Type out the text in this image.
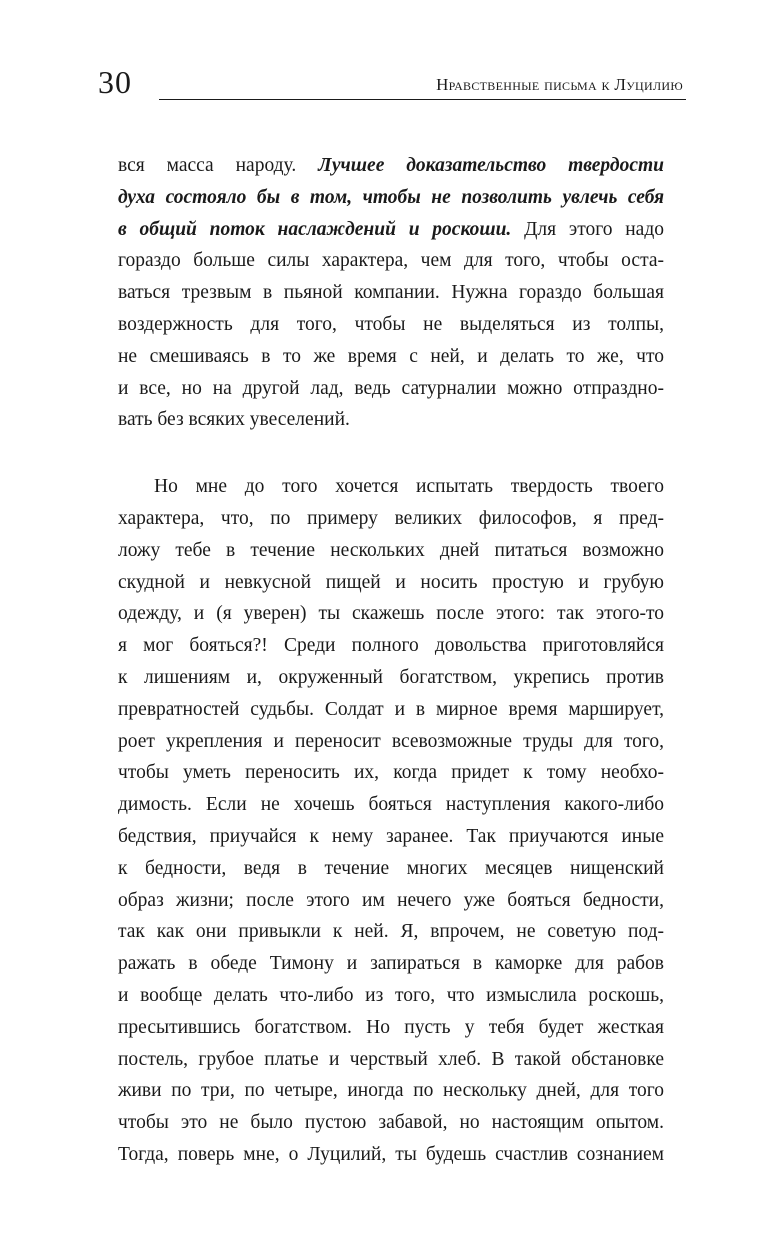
30	Нравственные письма к Луцилию
вся масса народу. Лучшее доказательство твердости
духа состояло бы в том, чтобы не позволить увлечь себя
в общий поток наслаждений и роскоши. Для этого надо
гораздо больше силы характера, чем для того, чтобы оста-
ваться трезвым в пьяной компании. Нужна гораздо большая
воздержность для того, чтобы не выделяться из толпы,
не смешиваясь в то же время с ней, и делать то же, что
и все, но на другой лад, ведь сатурналии можно отпраздно-
вать без всяких увеселений.
Но мне до того хочется испытать твердость твоего
характера, что, по примеру великих философов, я пред-
ложу тебе в течение нескольких дней питаться возможно
скудной и невкусной пищей и носить простую и грубую
одежду, и (я уверен) ты скажешь после этого: так этого-то
я мог бояться?! Среди полного довольства приготовляйся
к лишениям и, окруженный богатством, укрепись против
превратностей судьбы. Солдат и в мирное время марширует,
роет укрепления и переносит всевозможные труды для того,
чтобы уметь переносить их, когда придет к тому необхо-
димость. Если не хочешь бояться наступления какого-либо
бедствия, приучайся к нему заранее. Так приучаются иные
к бедности, ведя в течение многих месяцев нищенский
образ жизни; после этого им нечего уже бояться бедности,
так как они привыкли к ней. Я, впрочем, не советую под-
ражать в обеде Тимону и запираться в каморке для рабов
и вообще делать что-либо из того, что измыслила роскошь,
пресытившись богатством. Но пусть у тебя будет жесткая
постель, грубое платье и черствый хлеб. В такой обстановке
живи по три, по четыре, иногда по нескольку дней, для того
чтобы это не было пустою забавой, но настоящим опытом.
Тогда, поверь мне, о Луцилий, ты будешь счастлив сознанием
